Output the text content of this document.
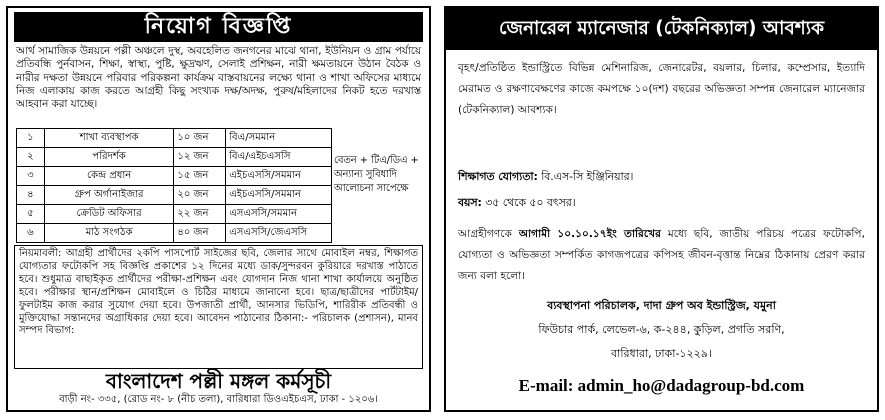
নিয়োগ বিজ্ঞপ্তি
আর্থ সামাজিক উন্নয়নে পল্লী অঞ্চলে দুস্থ, অবহেলিত জনগনের মাঝে থানা, ইউনিয়ন ও গ্রাম পর্যায়ে প্রতিবন্ধি পুর্নবাসন, শিক্ষা, স্বাস্থ্য, পুষ্টি, ক্ষুদ্রঋণ, সেলাই প্রশিক্ষন, নারী ক্ষমতায়নে উঠান বৈঠক ও নারীর দক্ষতা উন্নয়নে পরিবার পরিকল্পনা কার্যক্রম বাস্তবায়নের লক্ষ্যে থানা ও শাখা অফিসের মাধ্যমে নিজ এলাকায় কাজ করতে আগ্রহী কিছু সংখ্যক দক্ষ/অদক্ষ, পুরুষ/মহিলাদের নিকট হতে দরখাস্ত আহবান করা যাচ্ছে।
১	শাখা ব্যবস্থাপক	১০ জন	বিএ/সমমান
২	পরিদর্শক	১২ জন	বিএ/এইচএসসি
৩	কেন্দ্র প্রধান	১৫ জন	এইচএসসি/সমমান
৪	গ্রুপ অর্গানাইজার	২০ জন	এইচএসসি/সমমান
৫	ক্রেডিট অফিসার	২২ জন	এসএসসি/সমমান
৬	মাঠ সংগঠক	৪০ জন	এসএসসি/জেএসসি
বেতন + টিএ/ডিএ + অন্যান্য সুবিধাদি আলোচনা সাপেক্ষে
নিয়মাবলী: আগ্রহী প্রার্থীদের ২কপি পাসপোর্ট সাইজের ছবি, জেলার সাথে মোবাইল নম্বর, শিক্ষাগত যোগ্যতার ফটোকপি সহ বিজ্ঞপ্তি প্রকাশের ১২ দিনের মধ্যে ডাক/সুন্দরবন কুরিয়ারে দরখাস্ত পাঠাতে হবে। শুধুমাত্র বাছাইকৃত প্রার্থীদের পরীক্ষা-প্রশিক্ষন এবং যোগদান নিজ থানা শাখা কার্যালয়ে অনুষ্ঠিত হবে। পরীক্ষার স্থান/প্রশিক্ষন মোবাইলে ও চিঠির মাধ্যমে জানানো হবে। ছাত্র/ছাত্রীদের পার্টটাইম/ফুলটাইম কাজ করার সুযোগ দেয়া হবে। উপজাতী প্রার্থী, আনসার ভিডিপি, শারিরীক প্রতিবন্ধী ও মুক্তিযোদ্ধা সন্তানদের অগ্রাধিকার দেয়া হবে। আবেদন পাঠানোর ঠিকানা:- পরিচালক (প্রশাসন), মানব সম্পদ বিভাগ:
বাংলাদেশ পল্লী মঙ্গল কর্মসূচী
বাড়ী নং- ৩৩৫, (রোড নং- ৮ (নীচ তলা), বারিধারা ডিওএইচএস, ঢাকা - ১২০৬।
জেনারেল ম্যানেজার (টেকনিক্যাল) আবশ্যক
বৃহৎ/প্রতিষ্ঠিত ইন্ডাস্ট্রিতে বিভিন্ন মেশিনারিজ, জেনারেটর, বয়লার, চিলার, কম্প্রেসার, ইত্যাদি মেরামত ও রক্ষণাবেক্ষণের কাজে কমপক্ষে ১০(দশ) বছরের অভিজ্ঞতা সম্পন্ন জেনারেল ম্যানেজার (টেকনিক্যাল) আবশ্যক।
শিক্ষাগত যোগ্যতা: বি.এস-সি ইঞ্জিনিয়ার।
বয়স: ৩৫ থেকে ৫০ বৎসর।
আগ্রহীগণকে আগামী ১০.১০.১৭ইং তারিখের মধ্যে ছবি, জাতীয় পরিচয় পত্রের ফটোকপি, যোগ্যতা ও অভিজ্ঞতা সম্পর্কিত কাগজপত্রের কপিসহ জীবন-বৃত্তান্ত নিম্নের ঠিকানায় প্রেরণ করার জন্য বলা হলো।
ব্যবস্থাপনা পরিচালক, দাদা গ্রুপ অব ইন্ডাস্ট্রিজ, যমুনা
ফিউচার পার্ক, লেভেল-৬, ক-২৪৪, কুড়িল, প্রগতি সরণি,
বারিধারা, ঢাকা-১২২৯।
E-mail: admin_ho@dadagroup-bd.com
